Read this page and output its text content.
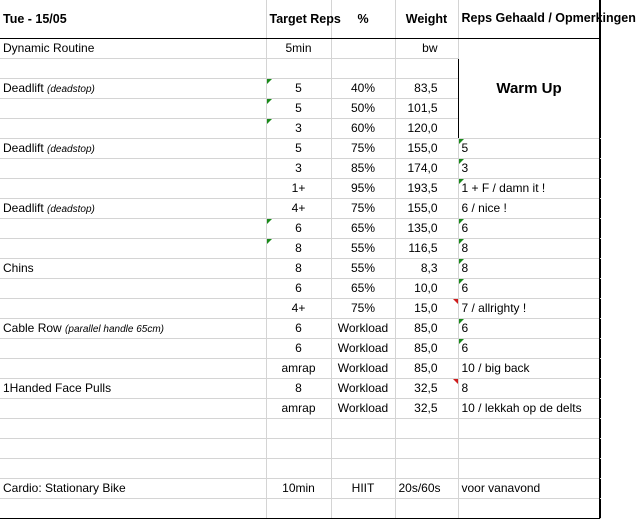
Tue - 15/05	Target Reps	%	Weight	Reps Gehaald / Opmerkingen
Dynamic Routine	5min		bw	Warm Up

Deadlift (deadstop)	5	40%	83,5	
	5	50%	101,5	
	3	60%	120,0	
Deadlift (deadstop)	5	75%	155,0	5

	3	85%	174,0	3

	1+	95%	193,5	1 + F / damn it !

Deadlift (deadstop)	4+	75%	155,0	6 / nice !
	6	65%	135,0	6

	8	55%	116,5	8

Chins	8	55%	8,3	8

	6	65%	10,0	6

	4+	75%	15,0	7 / allrighty !
Cable Row (parallel handle 65cm)	6	Workload	85,0	6

	6	Workload	85,0	6

	amrap	Workload	85,0	10 / big back
1Handed Face Pulls	8	Workload	32,5	8
	amrap	Workload	32,5	10 / lekkah op de delts

Cardio: Stationary Bike	10min	HIIT	20s/60s	voor vanavond
